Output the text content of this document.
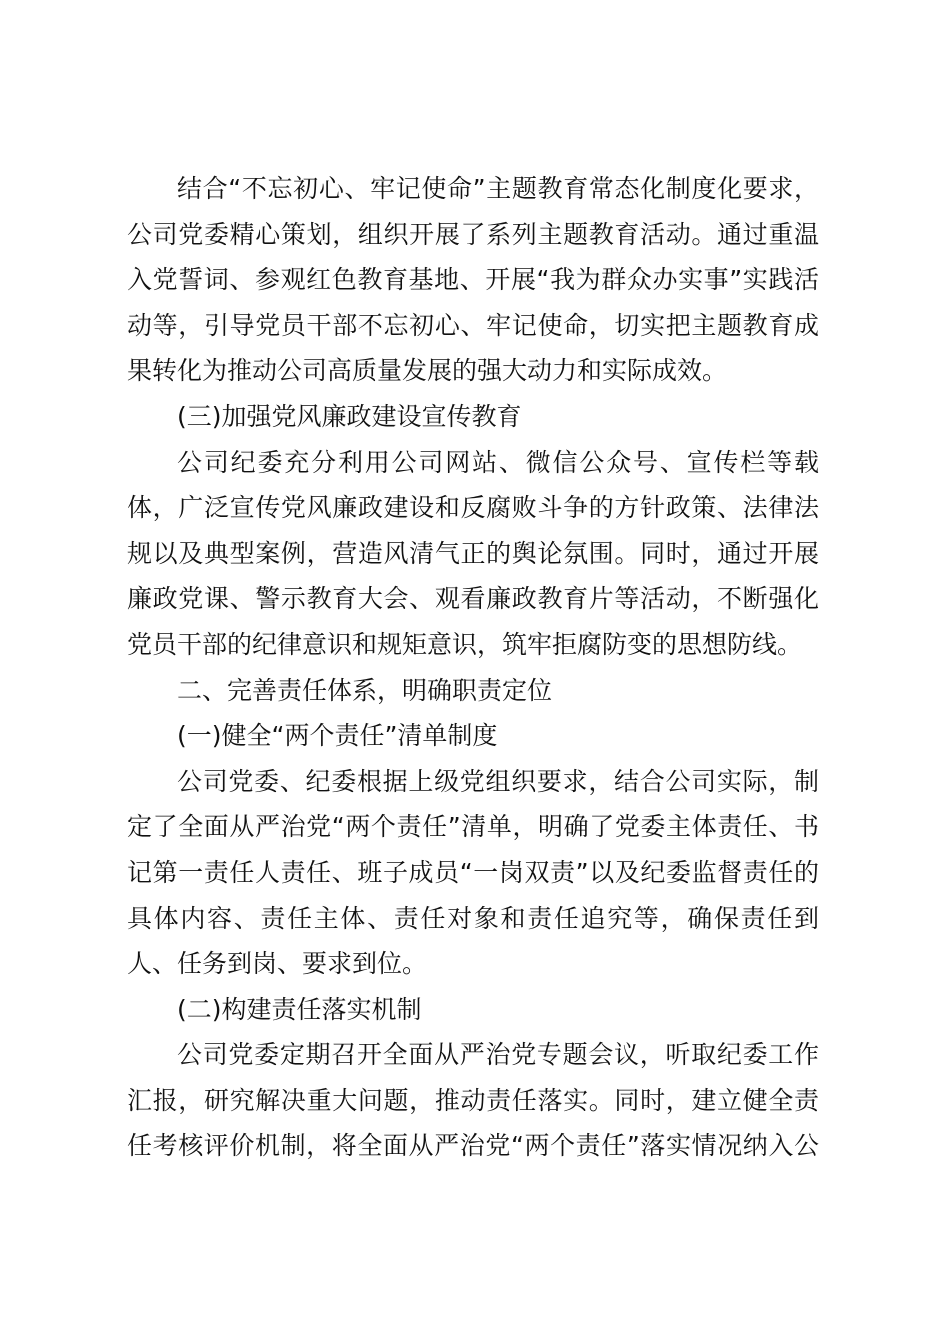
结合“不忘初心、牢记使命”主题教育常态化制度化要求，
公司党委精心策划，组织开展了系列主题教育活动。通过重温
入党誓词、参观红色教育基地、开展“我为群众办实事”实践活
动等，引导党员干部不忘初心、牢记使命，切实把主题教育成
果转化为推动公司高质量发展的强大动力和实际成效。
(三)加强党风廉政建设宣传教育
公司纪委充分利用公司网站、微信公众号、宣传栏等载
体，广泛宣传党风廉政建设和反腐败斗争的方针政策、法律法
规以及典型案例，营造风清气正的舆论氛围。同时，通过开展
廉政党课、警示教育大会、观看廉政教育片等活动，不断强化
党员干部的纪律意识和规矩意识，筑牢拒腐防变的思想防线。
二、完善责任体系，明确职责定位
(一)健全“两个责任”清单制度
公司党委、纪委根据上级党组织要求，结合公司实际，制
定了全面从严治党“两个责任”清单，明确了党委主体责任、书
记第一责任人责任、班子成员“一岗双责”以及纪委监督责任的
具体内容、责任主体、责任对象和责任追究等，确保责任到
人、任务到岗、要求到位。
(二)构建责任落实机制
公司党委定期召开全面从严治党专题会议，听取纪委工作
汇报，研究解决重大问题，推动责任落实。同时，建立健全责
任考核评价机制，将全面从严治党“两个责任”落实情况纳入公
